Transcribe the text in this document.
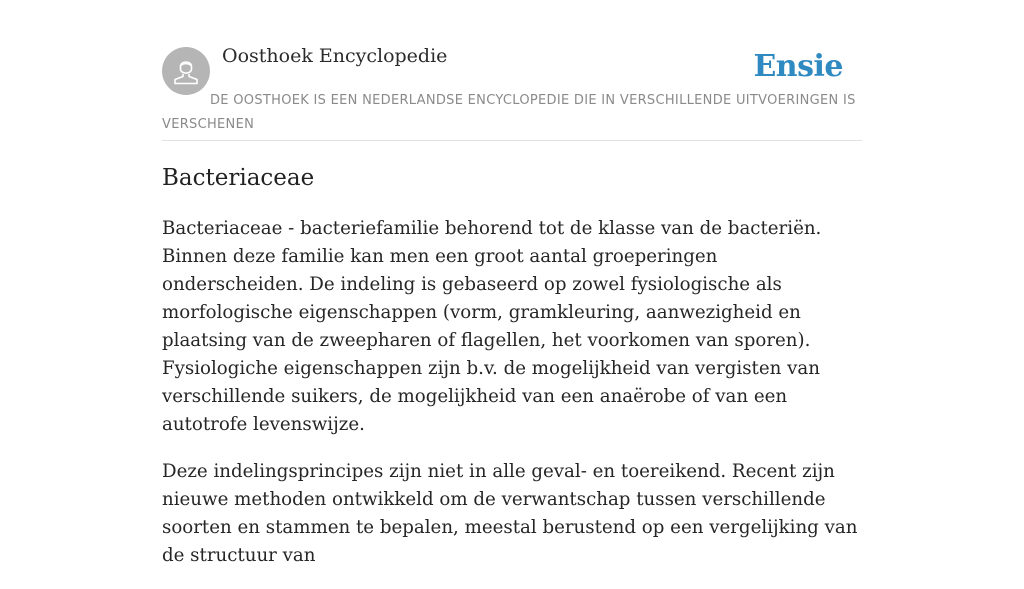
Oosthoek Encyclopedie	Ensie

DE OOSTHOEK IS EEN NEDERLANDSE ENCYCLOPEDIE DIE IN VERSCHILLENDE UITVOERINGEN IS VERSCHENEN

Bacteriaceae

Bacteriaceae - bacteriefamilie behorend tot de klasse van de bacteriën. Binnen deze familie kan men een groot aantal groeperingen onderscheiden. De indeling is gebaseerd op zowel fysiologische als morfologische eigenschappen (vorm, gramkleuring, aanwezigheid en plaatsing van de zweepharen of flagellen, het voorkomen van sporen). Fysiologiche eigenschappen zijn b.v. de mogelijkheid van vergisten van verschillende suikers, de mogelijkheid van een anaërobe of van een autotrofe levenswijze.

Deze indelingsprincipes zijn niet in alle geval- en toereikend. Recent zijn nieuwe methoden ontwikkeld om de verwantschap tussen verschillende soorten en stammen te bepalen, meestal berustend op een vergelijking van de structuur van
